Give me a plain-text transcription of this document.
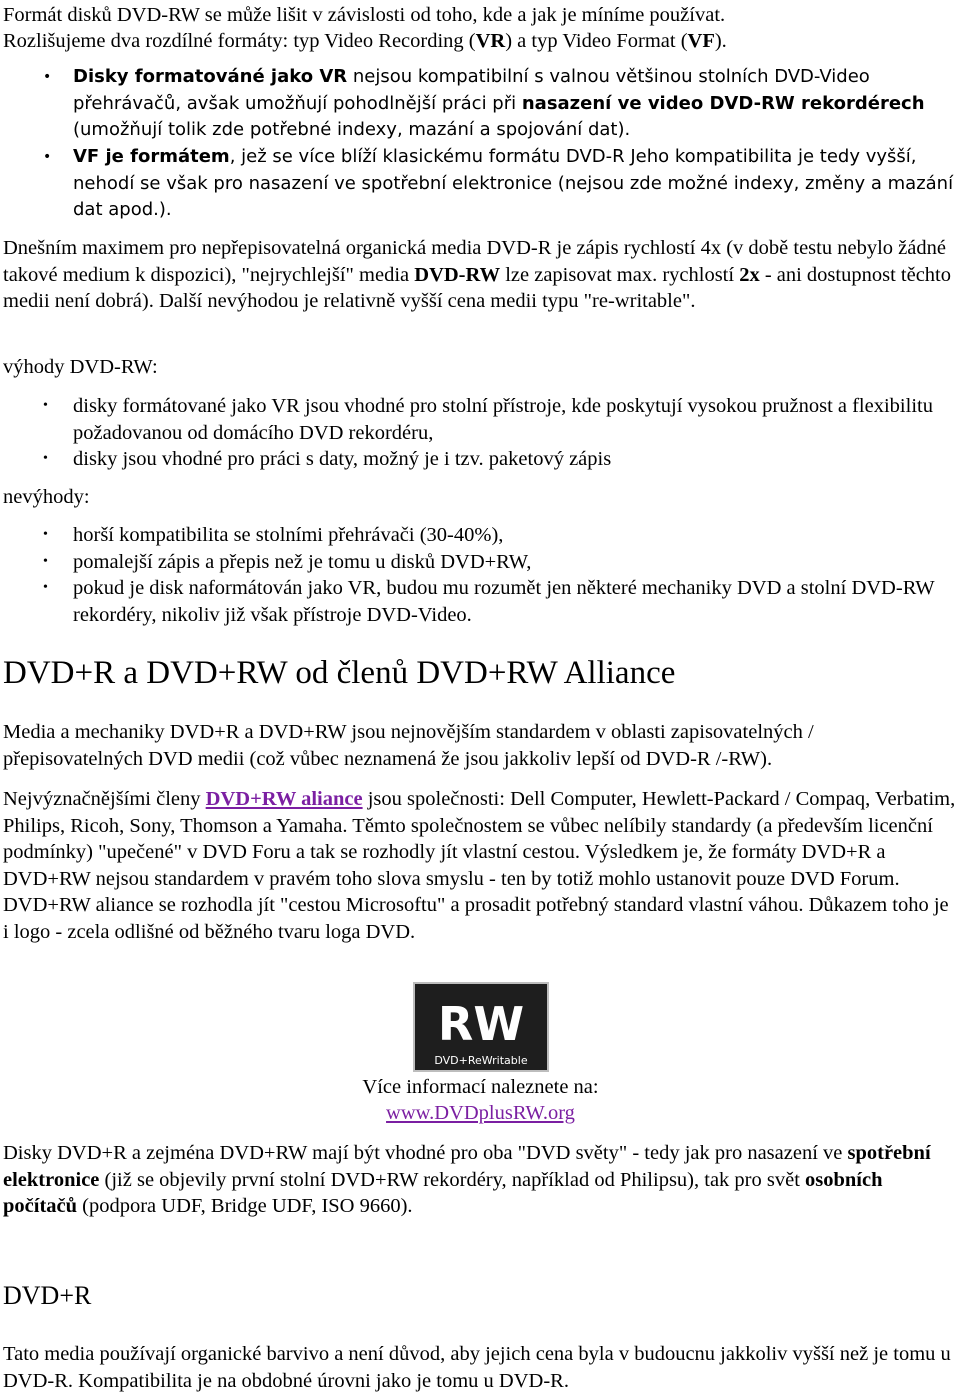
Formát disků DVD-RW se může lišit v závislosti od toho, kde a jak je míníme používat.

Rozlišujeme dva rozdílné formáty: typ Video Recording (VR) a typ Video Format (VF).

• Disky formatováné jako VR nejsou kompatibilní s valnou většinou stolních DVD-Video přehrávačů, avšak umožňují pohodlnější práci při nasazení ve video DVD-RW rekordérech (umožňují tolik zde potřebné indexy, mazání a spojování dat).
• VF je formátem, jež se více blíží klasickému formátu DVD-R Jeho kompatibilita je tedy vyšší, nehodí se však pro nasazení ve spotřební elektronice (nejsou zde možné indexy, změny a mazání dat apod.).

Dnešním maximem pro nepřepisovatelná organická media DVD-R je zápis rychlostí 4x (v době testu nebylo žádné takové medium k dispozici), "nejrychlejší" media DVD-RW lze zapisovat max. rychlostí 2x - ani dostupnost těchto medii není dobrá). Další nevýhodou je relativně vyšší cena medii typu "re-writable".

výhody DVD-RW:

• disky formátované jako VR jsou vhodné pro stolní přístroje, kde poskytují vysokou pružnost a flexibilitu požadovanou od domácího DVD rekordéru,
• disky jsou vhodné pro práci s daty, možný je i tzv. paketový zápis

nevýhody:

• horší kompatibilita se stolními přehrávači (30-40%),
• pomalejší zápis a přepis než je tomu u disků DVD+RW,
• pokud je disk naformátován jako VR, budou mu rozumět jen některé mechaniky DVD a stolní DVD-RW rekordéry, nikoliv již však přístroje DVD-Video.
DVD+R a DVD+RW od členů DVD+RW Alliance

Media a mechaniky DVD+R a DVD+RW jsou nejnovějším standardem v oblasti zapisovatelných / přepisovatelných DVD medii (což vůbec neznamená že jsou jakkoliv lepší od DVD-R /-RW).

Nejvýznačnějšími členy DVD+RW aliance jsou společnosti: Dell Computer, Hewlett-Packard / Compaq, Verbatim, Philips, Ricoh, Sony, Thomson a Yamaha. Těmto společnostem se vůbec nelíbily standardy (a především licenční podmínky) "upečené" v DVD Foru a tak se rozhodly jít vlastní cestou. Výsledkem je, že formáty DVD+R a DVD+RW nejsou standardem v pravém toho slova smyslu - ten by totiž mohlo ustanovit pouze DVD Forum. DVD+RW aliance se rozhodla jít "cestou Microsoftu" a prosadit potřebný standard vlastní váhou. Důkazem toho je i logo - zcela odlišné od běžného tvaru loga DVD.

RW
DVD+ReWritable

Více informací naleznete na:

www.DVDplusRW.org

Disky DVD+R a zejména DVD+RW mají být vhodné pro oba "DVD světy" - tedy jak pro nasazení ve spotřební elektronice (již se objevily první stolní DVD+RW rekordéry, například od Philipsu), tak pro svět osobních počítačů (podpora UDF, Bridge UDF, ISO 9660).

DVD+R

Tato media používají organické barvivo a není důvod, aby jejich cena byla v budoucnu jakkoliv vyšší než je tomu u DVD-R. Kompatibilita je na obdobné úrovni jako je tomu u DVD-R.
